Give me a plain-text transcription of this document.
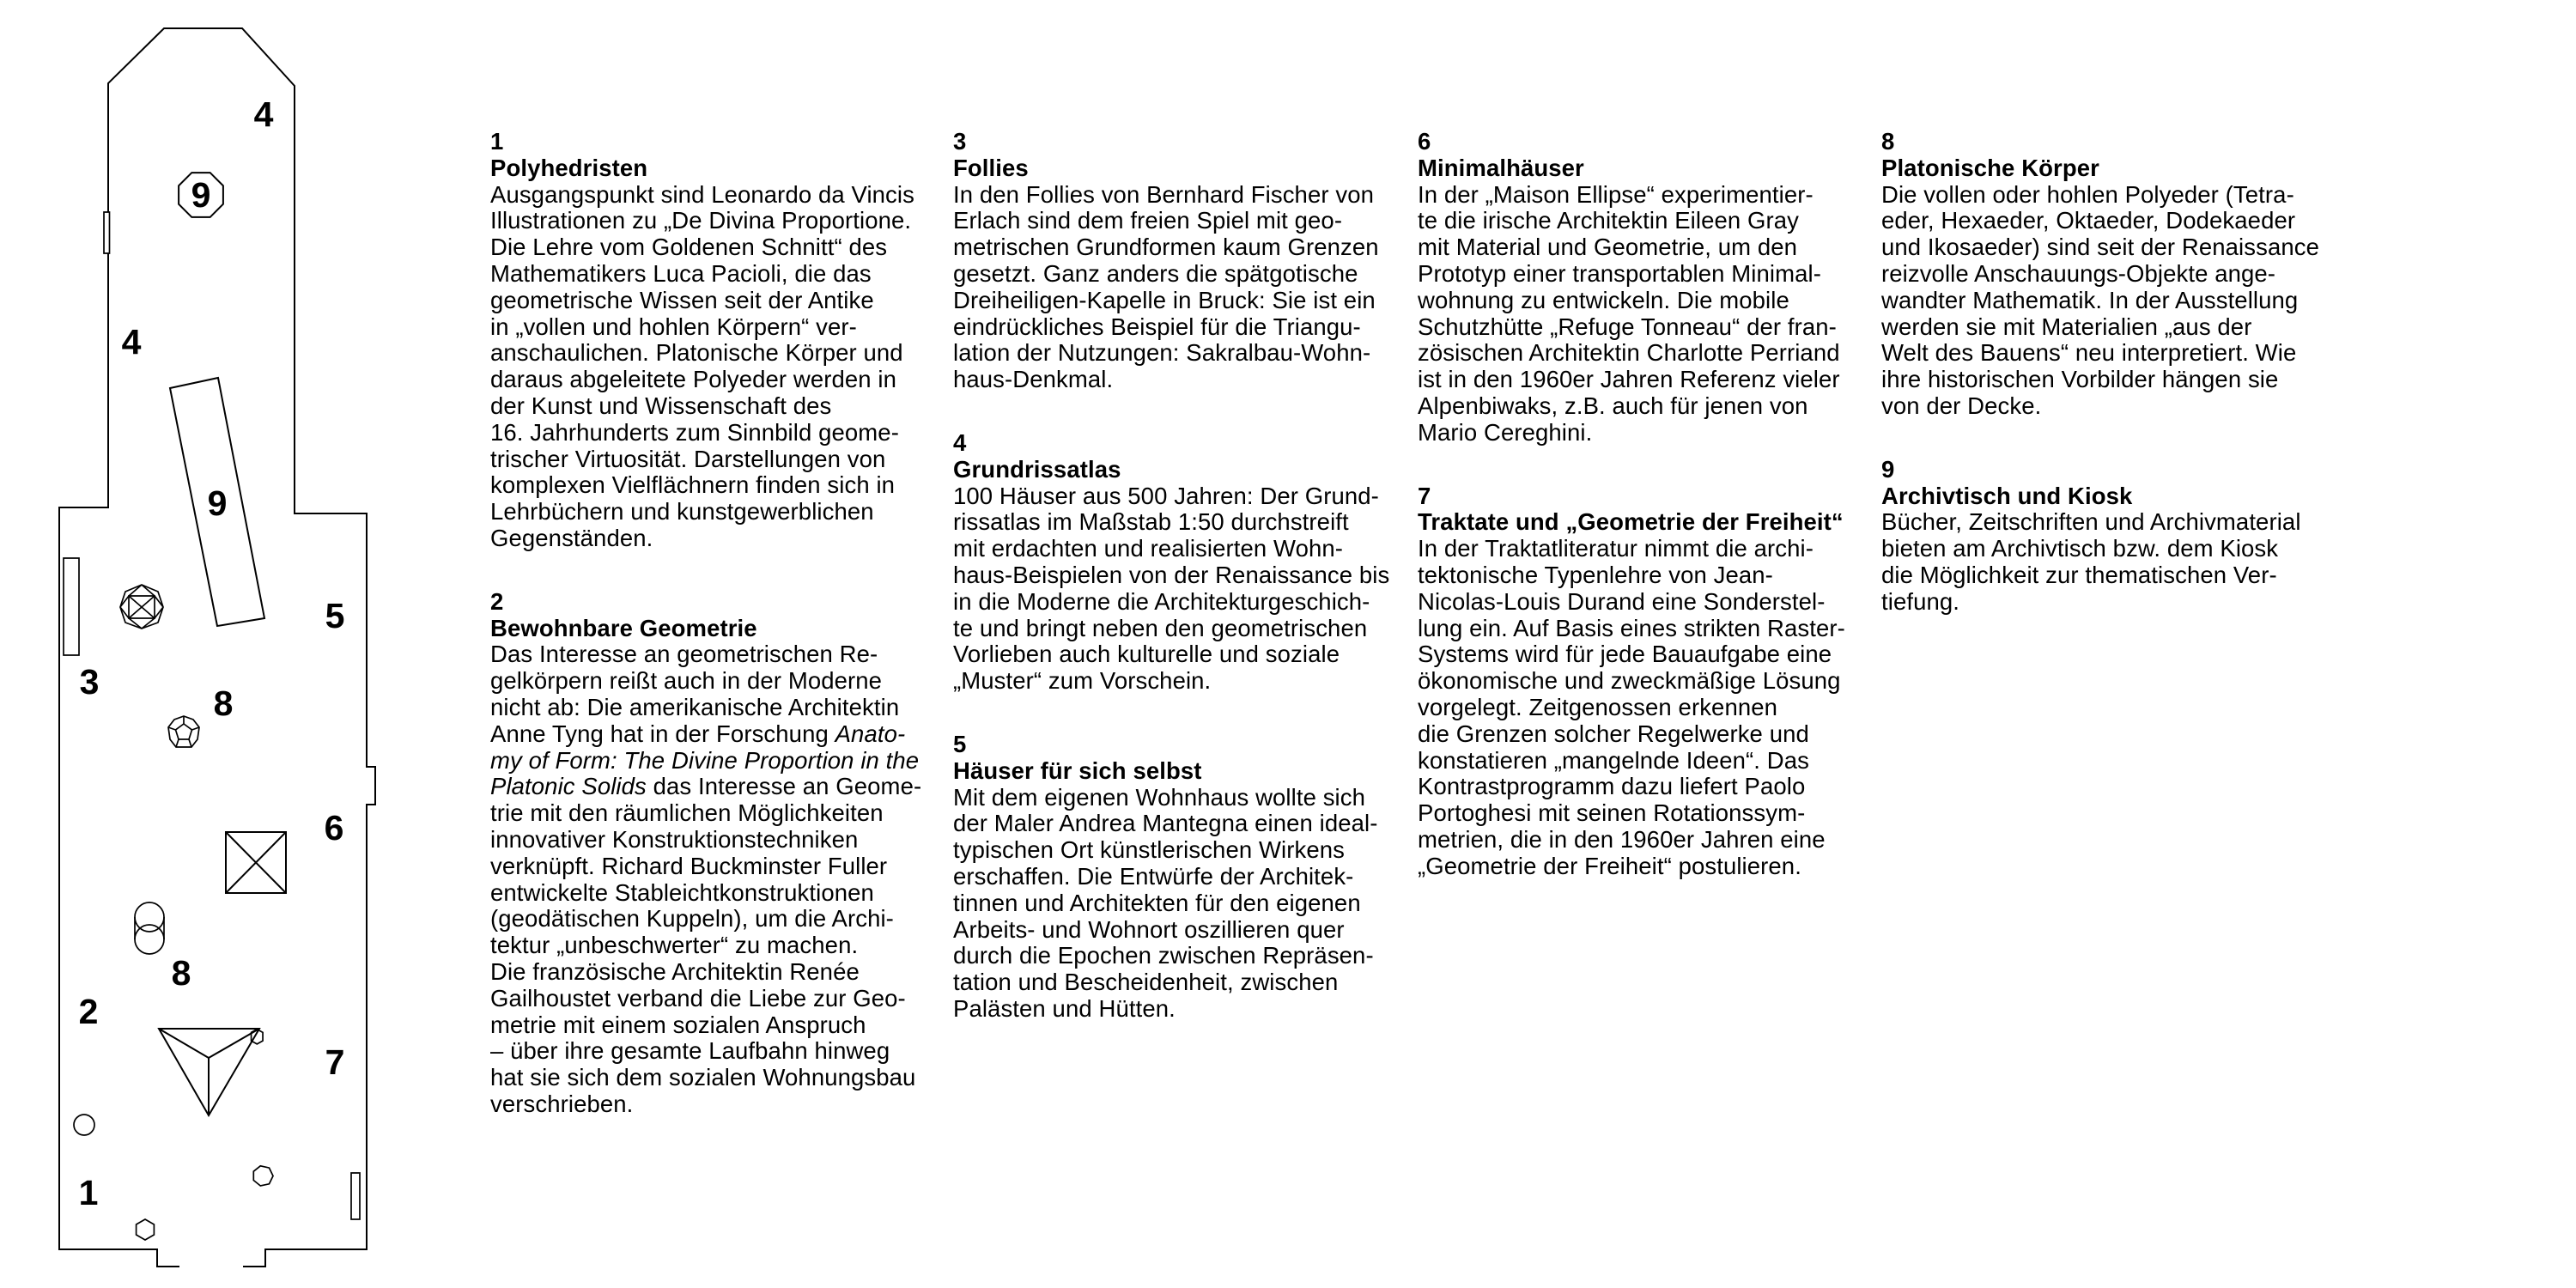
4
9
4
9
3
5
8
6
8
2
7
1
1
Polyhedristen
Ausgangspunkt sind Leonardo da Vincis
Illustrationen zu „De Divina Proportione.
Die Lehre vom Goldenen Schnitt“ des
Mathematikers Luca Pacioli, die das
geometrische Wissen seit der Antike
in „vollen und hohlen Körpern“ ver-
anschaulichen. Platonische Körper und
daraus abgeleitete Polyeder werden in
der Kunst und Wissenschaft des
16. Jahrhunderts zum Sinnbild geome-
trischer Virtuosität. Darstellungen von
komplexen Vielflächnern finden sich in
Lehrbüchern und kunstgewerblichen
Gegenständen.
2
Bewohnbare Geometrie
Das Interesse an geometrischen Re-
gelkörpern reißt auch in der Moderne
nicht ab: Die amerikanische Architektin
Anne Tyng hat in der Forschung Anato-
my of Form: The Divine Proportion in the
Platonic Solids das Interesse an Geome-
trie mit den räumlichen Möglichkeiten
innovativer Konstruktionstechniken
verknüpft. Richard Buckminster Fuller
entwickelte Stableichtkonstruktionen
(geodätischen Kuppeln), um die Archi-
tektur „unbeschwerter“ zu machen.
Die französische Architektin Renée
Gailhoustet verband die Liebe zur Geo-
metrie mit einem sozialen Anspruch
– über ihre gesamte Laufbahn hinweg
hat sie sich dem sozialen Wohnungsbau
verschrieben.
3
Follies
In den Follies von Bernhard Fischer von
Erlach sind dem freien Spiel mit geo-
metrischen Grundformen kaum Grenzen
gesetzt. Ganz anders die spätgotische
Dreiheiligen-Kapelle in Bruck: Sie ist ein
eindrückliches Beispiel für die Triangu-
lation der Nutzungen: Sakralbau-Wohn-
haus-Denkmal.
4
Grundrissatlas
100 Häuser aus 500 Jahren: Der Grund-
rissatlas im Maßstab 1:50 durchstreift
mit erdachten und realisierten Wohn-
haus-Beispielen von der Renaissance bis
in die Moderne die Architekturgeschich-
te und bringt neben den geometrischen
Vorlieben auch kulturelle und soziale
„Muster“ zum Vorschein.
5
Häuser für sich selbst
Mit dem eigenen Wohnhaus wollte sich
der Maler Andrea Mantegna einen ideal-
typischen Ort künstlerischen Wirkens
erschaffen. Die Entwürfe der Architek-
tinnen und Architekten für den eigenen
Arbeits- und Wohnort oszillieren quer
durch die Epochen zwischen Repräsen-
tation und Bescheidenheit, zwischen
Palästen und Hütten.
6
Minimalhäuser
In der „Maison Ellipse“ experimentier-
te die irische Architektin Eileen Gray
mit Material und Geometrie, um den
Prototyp einer transportablen Minimal-
wohnung zu entwickeln. Die mobile
Schutzhütte „Refuge Tonneau“ der fran-
zösischen Architektin Charlotte Perriand
ist in den 1960er Jahren Referenz vieler
Alpenbiwaks, z.B. auch für jenen von
Mario Cereghini.
7
Traktate und „Geometrie der Freiheit“
In der Traktatliteratur nimmt die archi-
tektonische Typenlehre von Jean-
Nicolas-Louis Durand eine Sonderstel-
lung ein. Auf Basis eines strikten Raster-
Systems wird für jede Bauaufgabe eine
ökonomische und zweckmäßige Lösung
vorgelegt. Zeitgenossen erkennen
die Grenzen solcher Regelwerke und
konstatieren „mangelnde Ideen“. Das
Kontrastprogramm dazu liefert Paolo
Portoghesi mit seinen Rotationssym-
metrien, die in den 1960er Jahren eine
„Geometrie der Freiheit“ postulieren.
8
Platonische Körper
Die vollen oder hohlen Polyeder (Tetra-
eder, Hexaeder, Oktaeder, Dodekaeder
und Ikosaeder) sind seit der Renaissance
reizvolle Anschauungs-Objekte ange-
wandter Mathematik. In der Ausstellung
werden sie mit Materialien „aus der
Welt des Bauens“ neu interpretiert. Wie
ihre historischen Vorbilder hängen sie
von der Decke.
9
Archivtisch und Kiosk
Bücher, Zeitschriften und Archivmaterial
bieten am Archivtisch bzw. dem Kiosk
die Möglichkeit zur thematischen Ver-
tiefung.
